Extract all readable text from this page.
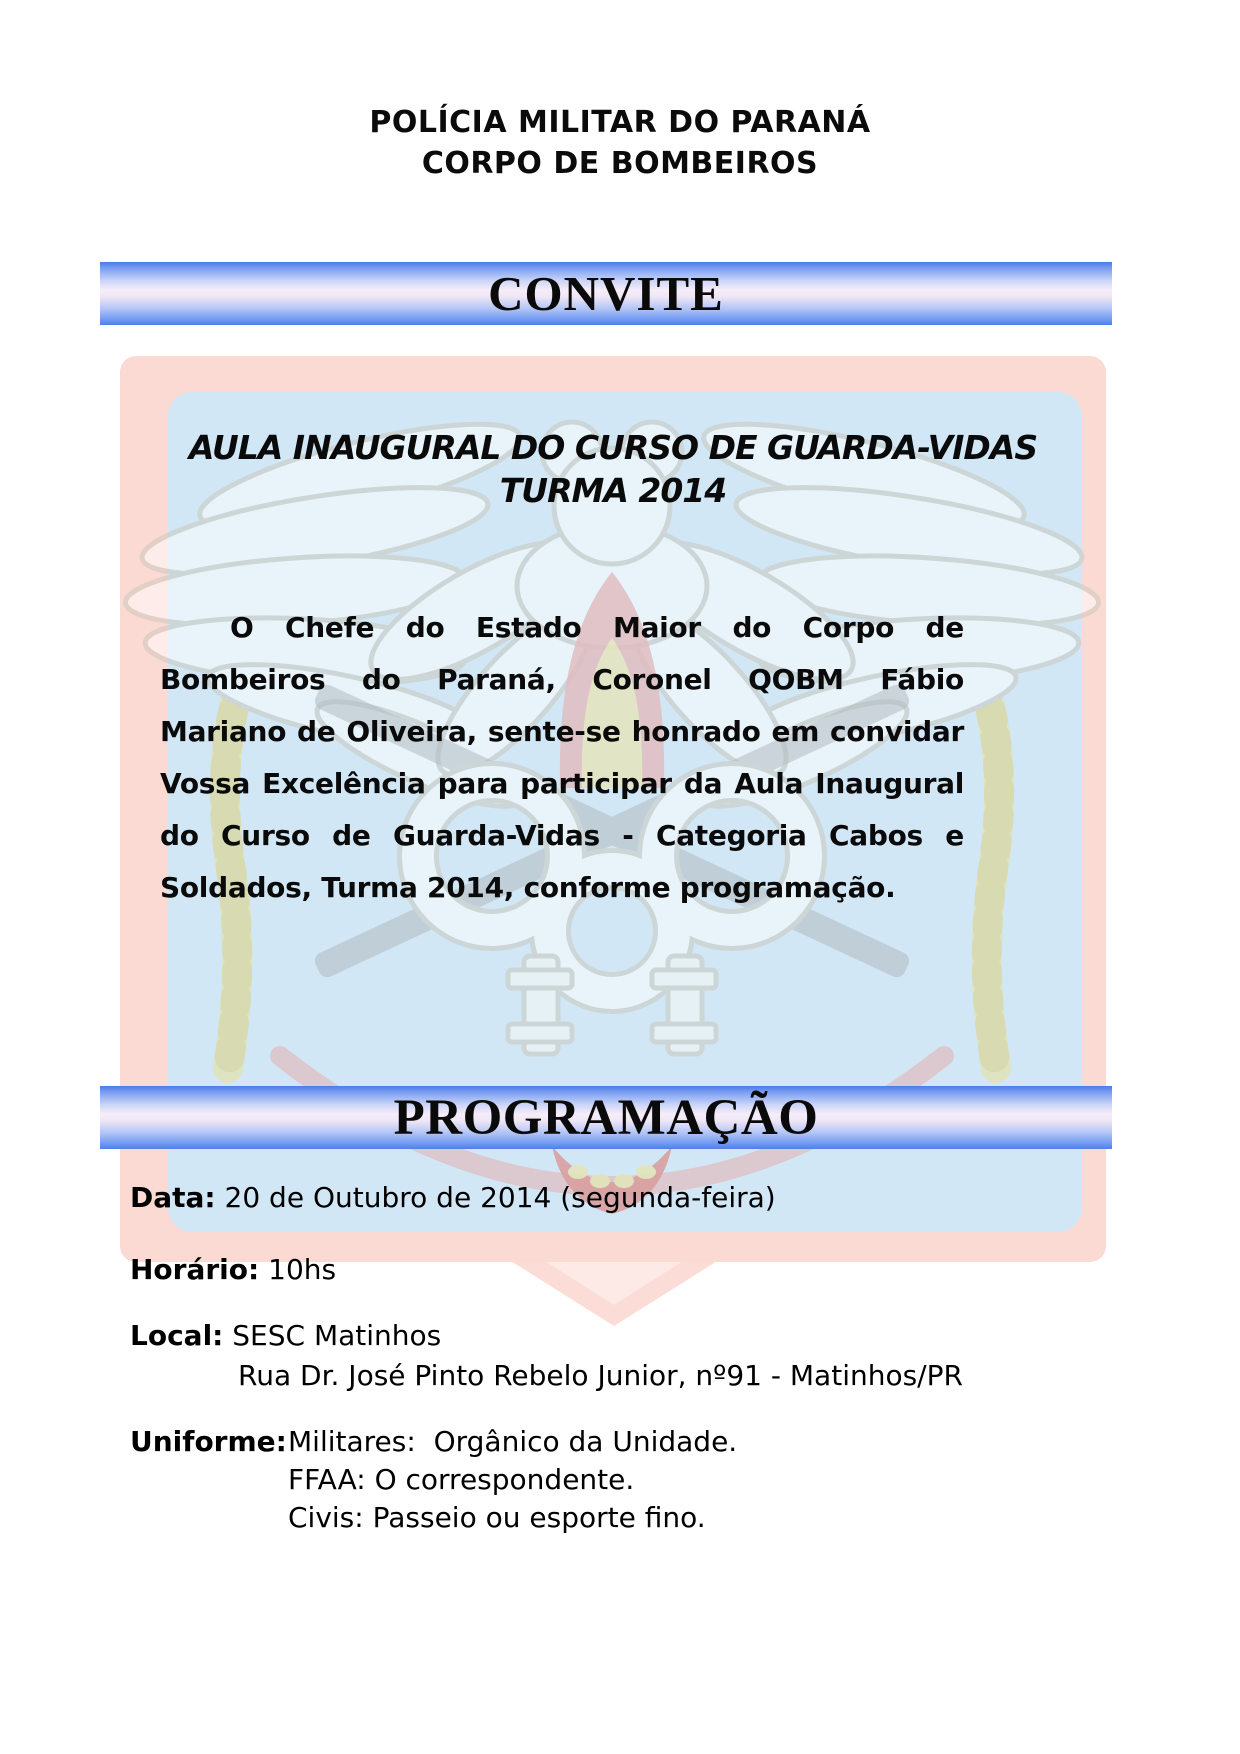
POLÍCIA MILITAR DO PARANÁ
CORPO DE BOMBEIROS
CONVITE
AULA INAUGURAL DO CURSO DE GUARDA-VIDAS
TURMA 2014
O Chefe do Estado Maior do Corpo de Bombeiros do Paraná, Coronel QOBM Fábio Mariano de Oliveira, sente-se honrado em convidar Vossa Excelência para participar da Aula Inaugural do Curso de Guarda-Vidas - Categoria Cabos e Soldados, Turma 2014, conforme programação.
PROGRAMAÇÃO
Data: 20 de Outubro de 2014 (segunda-feira)
Horário: 10hs
Local: SESC Matinhos
Rua Dr. José Pinto Rebelo Junior, nº91 - Matinhos/PR
Uniforme:Militares:  Orgânico da Unidade.
FFAA: O correspondente.
Civis: Passeio ou esporte fino.
